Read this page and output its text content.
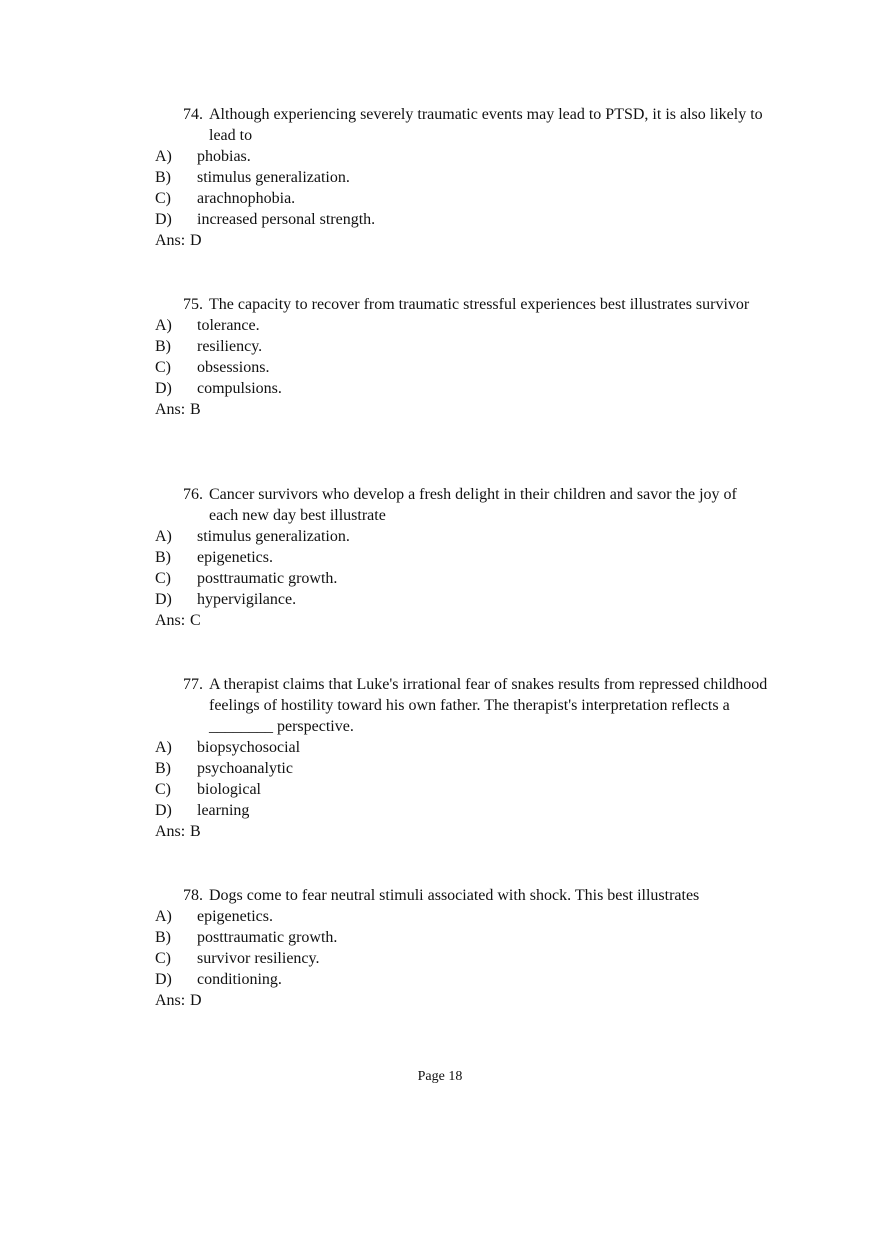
74. Although experiencing severely traumatic events may lead to PTSD, it is also likely to lead to
A)	phobias.
B)	stimulus generalization.
C)	arachnophobia.
D)	increased personal strength.
Ans: D
75. The capacity to recover from traumatic stressful experiences best illustrates survivor
A)	tolerance.
B)	resiliency.
C)	obsessions.
D)	compulsions.
Ans: B
76. Cancer survivors who develop a fresh delight in their children and savor the joy of each new day best illustrate
A)	stimulus generalization.
B)	epigenetics.
C)	posttraumatic growth.
D)	hypervigilance.
Ans: C
77. A therapist claims that Luke's irrational fear of snakes results from repressed childhood feelings of hostility toward his own father. The therapist's interpretation reflects a ________ perspective.
A)	biopsychosocial
B)	psychoanalytic
C)	biological
D)	learning
Ans: B
78. Dogs come to fear neutral stimuli associated with shock. This best illustrates
A)	epigenetics.
B)	posttraumatic growth.
C)	survivor resiliency.
D)	conditioning.
Ans: D
Page 18
